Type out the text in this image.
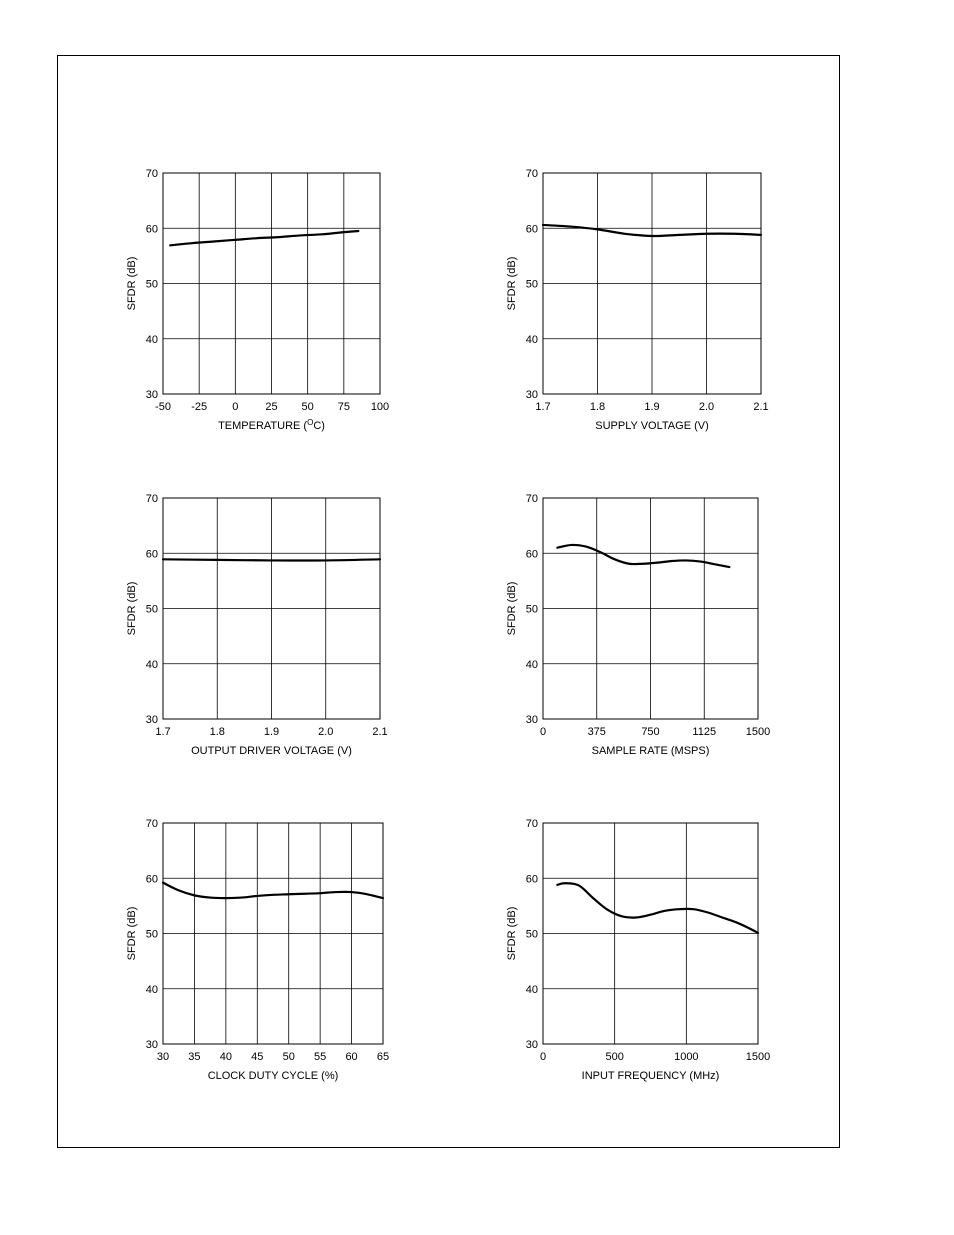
30
40
50
60
70
-50 -25 0 25 50 75 100
TEMPERATURE ($^O$C)
SFDR (dB)
30
40
50
60
70
1.7	1.8	1.9	2.0	2.1
SUPPLY VOLTAGE (V)
SFDR (dB)
30
40
50
60
70
1.7	1.8	1.9	2.0	2.1
OUTPUT DRIVER VOLTAGE (V)
SFDR (dB)
30
40
50
60
70
0	375	750	1125	1500
SAMPLE RATE (MSPS)
SFDR (dB)
30
40
50
60
70
30 35 40 45 50 55 60 65
CLOCK DUTY CYCLE (%)
SFDR (dB)
30
40
50
60
70
0	500	1000	1500
INPUT FREQUENCY (MHz)
SFDR (dB)
